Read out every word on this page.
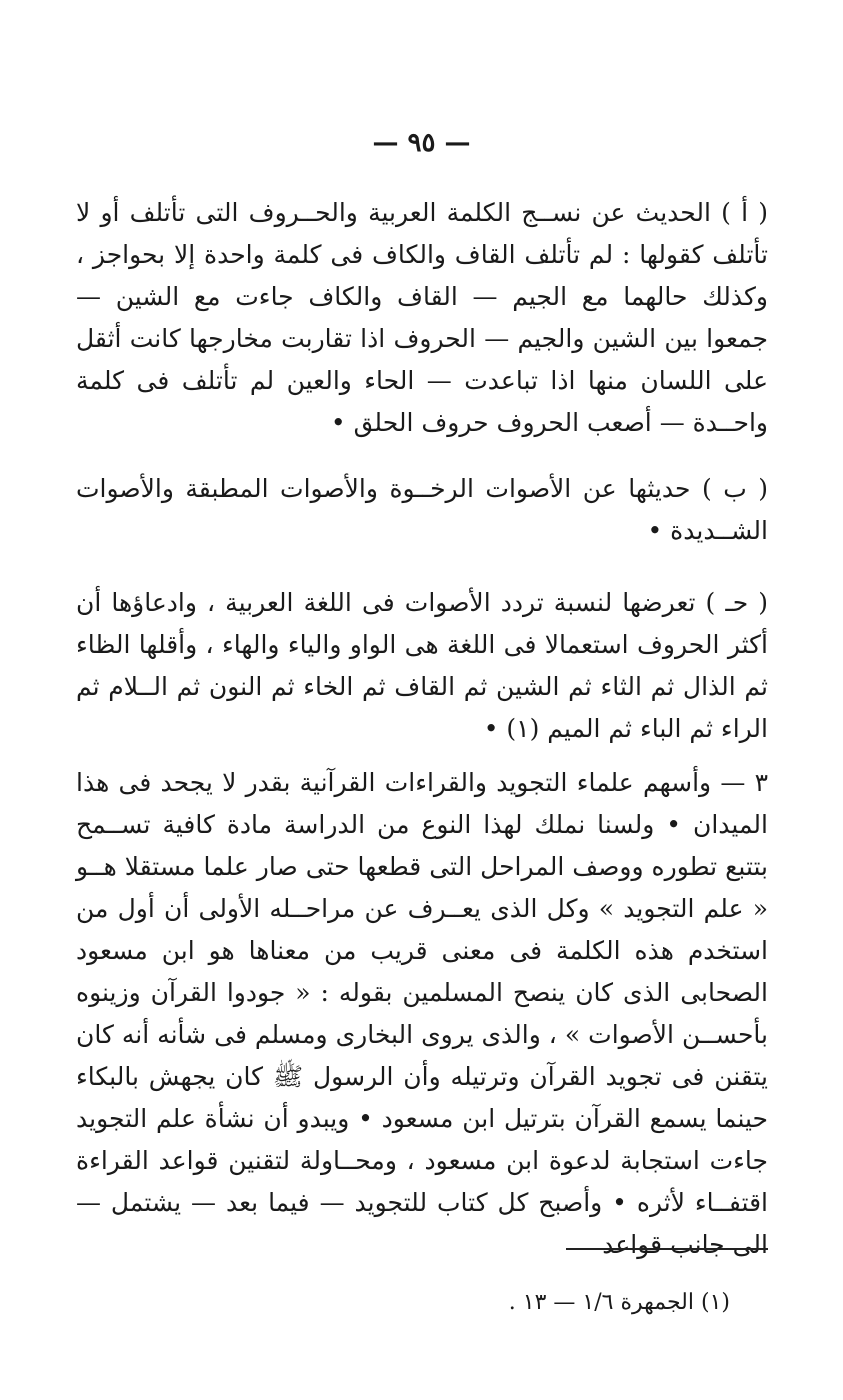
— ٩٥ —

( أ ) الحديث عن نســج الكلمة العربية والحــروف التى تأتلف أو لا تأتلف كقولها : لم تأتلف القاف والكاف فى كلمة واحدة إلا بحواجز ، وكذلك حالهما مع الجيم — القاف والكاف جاءت مع الشين — جمعوا بين الشين والجيم — الحروف اذا تقاربت مخارجها كانت أثقل على اللسان منها اذا تباعدت — الحاء والعين لم تأتلف فى كلمة واحــدة — أصعب الحروف حروف الحلق •

( ب ) حديثها عن الأصوات الرخــوة والأصوات المطبقة والأصوات الشــديدة •

( حـ ) تعرضها لنسبة تردد الأصوات فى اللغة العربية ، وادعاؤها أن أكثر الحروف استعمالا فى اللغة هى الواو والياء والهاء ، وأقلها الظاء ثم الذال ثم الثاء ثم الشين ثم القاف ثم الخاء ثم النون ثم الــلام ثم الراء ثم الباء ثم الميم (١) •

٣ — وأسهم علماء التجويد والقراءات القرآنية بقدر لا يجحد فى هذا الميدان • ولسنا نملك لهذا النوع من الدراسة مادة كافية تســمح بتتبع تطوره ووصف المراحل التى قطعها حتى صار علما مستقلا هــو « علم التجويد » وكل الذى يعــرف عن مراحــله الأولى أن أول من استخدم هذه الكلمة فى معنى قريب من معناها هو ابن مسعود الصحابى الذى كان ينصح المسلمين بقوله : « جودوا القرآن وزينوه بأحســن الأصوات » ، والذى يروى البخارى ومسلم فى شأنه أنه كان يتقنن فى تجويد القرآن وترتيله وأن الرسول ﷺ كان يجهش بالبكاء حينما يسمع القرآن بترتيل ابن مسعود • ويبدو أن نشأة علم التجويد جاءت استجابة لدعوة ابن مسعود ، ومحــاولة لتقنين قواعد القراءة اقتفــاء لأثره • وأصبح كل كتاب للتجويد — فيما بعد — يشتمل — الى جانب قواعد

(١) الجمهرة ١/٦ — ١٣ .
